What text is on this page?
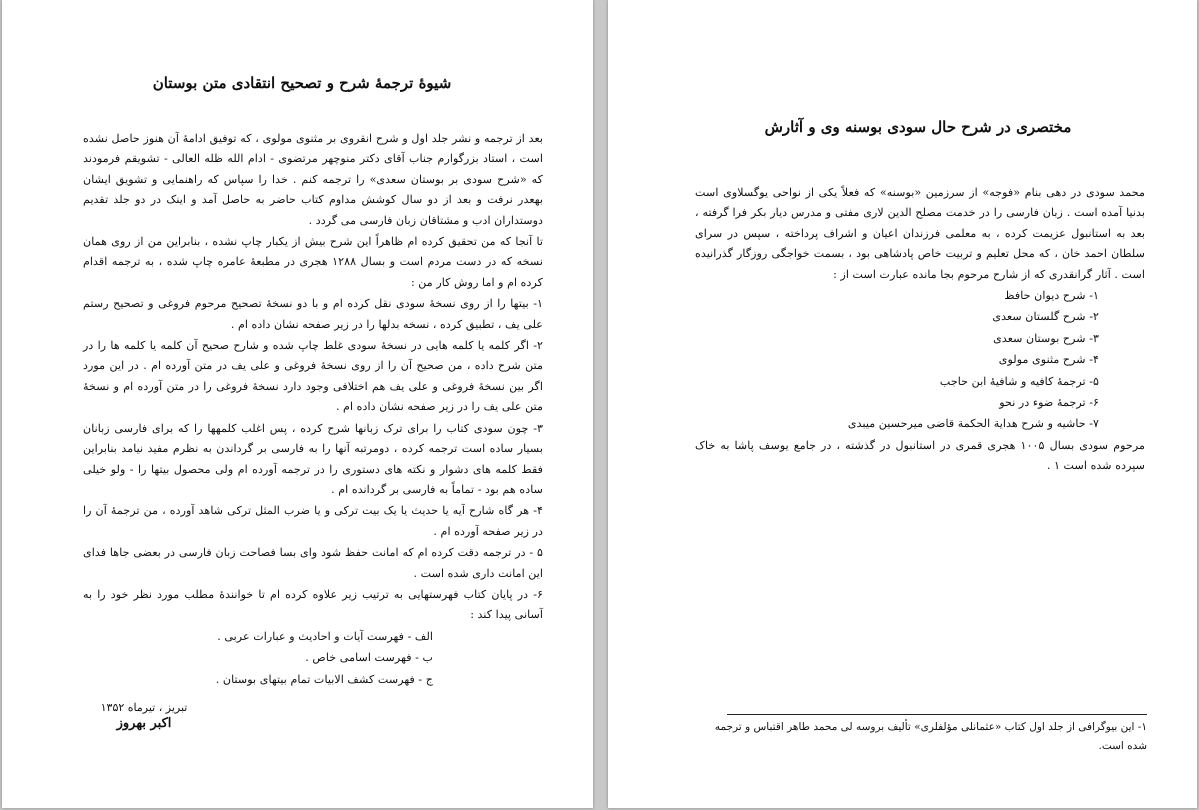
شیوهٔ ترجمهٔ شرح و تصحیح انتقادی متن بوستان

بعد از ترجمه و نشر جلد اول و شرح انقروی بر مثنوی مولوی ، که توفیق ادامهٔ آن هنوز حاصل نشده است ، استاد بزرگوارم جناب آقای دکتر منوچهر مرتضوی - ادام الله ظله العالی - تشویقم فرمودند که «شرح سودی بر بوستان سعدی» را ترجمه کنم . خدا را سپاس که راهنمایی و تشویق ایشان بهعدر نرفت و بعد از دو سال کوشش مداوم کتاب حاضر به حاصل آمد و اینک در دو جلد تقدیم دوستداران ادب و مشتاقان زبان فارسی می گردد .

تا آنجا که من تحقیق کرده ام ظاهراً این شرح بیش از یکبار چاپ نشده ، بنابراین من از روی همان نسخه که در دست مردم است و بسال ۱۲۸۸ هجری در مطبعهٔ عامره چاپ شده ، به ترجمه اقدام کرده ام و اما روش کار من :

۱- بیتها را از روی نسخهٔ سودی نقل کرده ام و با دو نسخهٔ تصحیح مرحوم فروغی و تصحیح رستم علی یف ، تطبیق کرده ، نسخه بدلها را در زیر صفحه نشان داده ام .

۲- اگر کلمه یا کلمه هایی در نسخهٔ سودی غلط چاپ شده و شارح صحیح آن کلمه یا کلمه ها را در متن شرح داده ، من صحیح آن را از روی نسخهٔ فروغی و علی یف در متن آورده ام . در این مورد اگر بین نسخهٔ فروغی و علی یف هم اختلافی وجود دارد نسخهٔ فروغی را در متن آورده ام و نسخهٔ متن علی یف را در زیر صفحه نشان داده ام .

۳- چون سودی کتاب را برای ترک زبانها شرح کرده ، پس اغلب کلمهها را که برای فارسی زبانان بسیار ساده است ترجمه کرده ، دومرتبه آنها را به فارسی بر گرداندن به نظرم مفید نیامد بنابراین فقط کلمه های دشوار و نکته های دستوری را در ترجمه آورده ام ولی محصول بیتها را - ولو خیلی ساده هم بود - تماماً به فارسی بر گردانده ام .

۴- هر گاه شارح آیه یا حدیث یا یک بیت ترکی و یا ضرب المثل ترکی شاهد آورده ، من ترجمهٔ آن را در زیر صفحه آورده ام .

۵ - در ترجمه دقت کرده ام که امانت حفظ شود وای بسا فصاحت زبان فارسی در بعضی جاها فدای این امانت داری شده است .

۶- در پایان کتاب فهرستهایی به ترتیب زیر علاوه کرده ام تا خوانندهٔ مطلب مورد نظر خود را به آسانی پیدا کند :

الف - فهرست آیات و احادیث و عبارات عربی .

ب - فهرست اسامی خاص .

ج - فهرست کشف الابیات تمام بیتهای بوستان .

تبریز ، تیرماه ۱۳۵۲
اکبر بهروز
مختصری در شرح حال سودی بوسنه وی و آثارش

محمد سودی در دهی بنام «فوجه» از سرزمین «بوسنه» که فعلاً یکی از نواحی یوگسلاوی است بدنیا آمده است . زبان فارسی را در خدمت مصلح الدین لاری مفتی و مدرس دیار بکر فرا گرفته ، بعد به استانبول عزیمت کرده ، به معلمی فرزندان اعیان و اشراف پرداخته ، سپس در سرای سلطان احمد خان ، که محل تعلیم و تربیت خاص پادشاهی بود ، بسمت خواجگی روزگار گذرانیده است . آثار گرانقدری که از شارح مرحوم بجا مانده عبارت است از :

۱- شرح دیوان حافظ

۲- شرح گلستان سعدی

۳- شرح بوستان سعدی

۴- شرح مثنوی مولوی

۵- ترجمهٔ کافیه و شافیهٔ ابن حاجب

۶- ترجمهٔ ضوء در نحو

۷- حاشیه و شرح هدایة الحکمة قاضی میرحسین میبدی

مرحوم سودی بسال ۱۰۰۵ هجری قمری در استانبول در گذشته ، در جامع یوسف پاشا به خاک سپرده شده است ۱ .

۱- این بیوگرافی از جلد اول کتاب «عثمانلی مؤلفلری» تألیف بروسه لی محمد طاهر اقتباس و ترجمه شده است.
